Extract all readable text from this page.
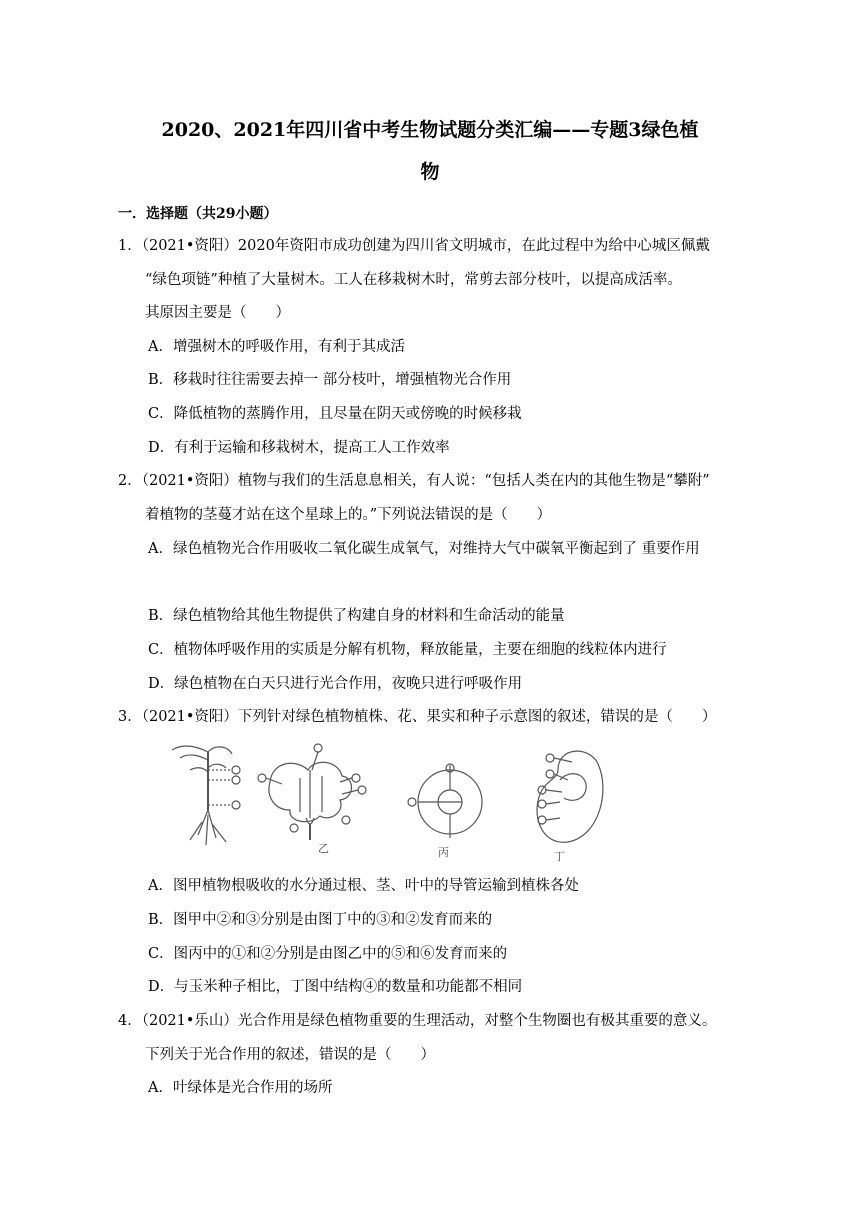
2020、2021年四川省中考生物试题分类汇编——专题3绿色植
物
一．选择题（共29小题）
1．（2021•资阳）2020年资阳市成功创建为四川省文明城市，在此过程中为给中心城区佩戴
“绿色项链”种植了大量树木。工人在移栽树木时，常剪去部分枝叶，以提高成活率。
其原因主要是（　　）
A．增强树木的呼吸作用，有利于其成活
B．移栽时往往需要去掉一 部分枝叶，增强植物光合作用
C．降低植物的蒸腾作用，且尽量在阴天或傍晚的时候移栽
D．有利于运输和移栽树木，提高工人工作效率
2．（2021•资阳）植物与我们的生活息息相关，有人说：“包括人类在内的其他生物是“攀附”
着植物的茎蔓才站在这个星球上的。”下列说法错误的是（　　）
A．绿色植物光合作用吸收二氧化碳生成氧气，对维持大气中碳氧平衡起到了 重要作用
B．绿色植物给其他生物提供了构建自身的材料和生命活动的能量
C．植物体呼吸作用的实质是分解有机物，释放能量，主要在细胞的线粒体内进行
D．绿色植物在白天只进行光合作用，夜晚只进行呼吸作用
3．（2021•资阳）下列针对绿色植物植株、花、果实和种子示意图的叙述，错误的是（　　）
乙	丙	丁
A．图甲植物根吸收的水分通过根、茎、叶中的导管运输到植株各处
B．图甲中②和③分别是由图丁中的③和②发育而来的
C．图丙中的①和②分别是由图乙中的⑤和⑥发育而来的
D．与玉米种子相比，丁图中结构④的数量和功能都不相同
4．（2021•乐山）光合作用是绿色植物重要的生理活动，对整个生物圈也有极其重要的意义。
下列关于光合作用的叙述，错误的是（　　）
A．叶绿体是光合作用的场所
